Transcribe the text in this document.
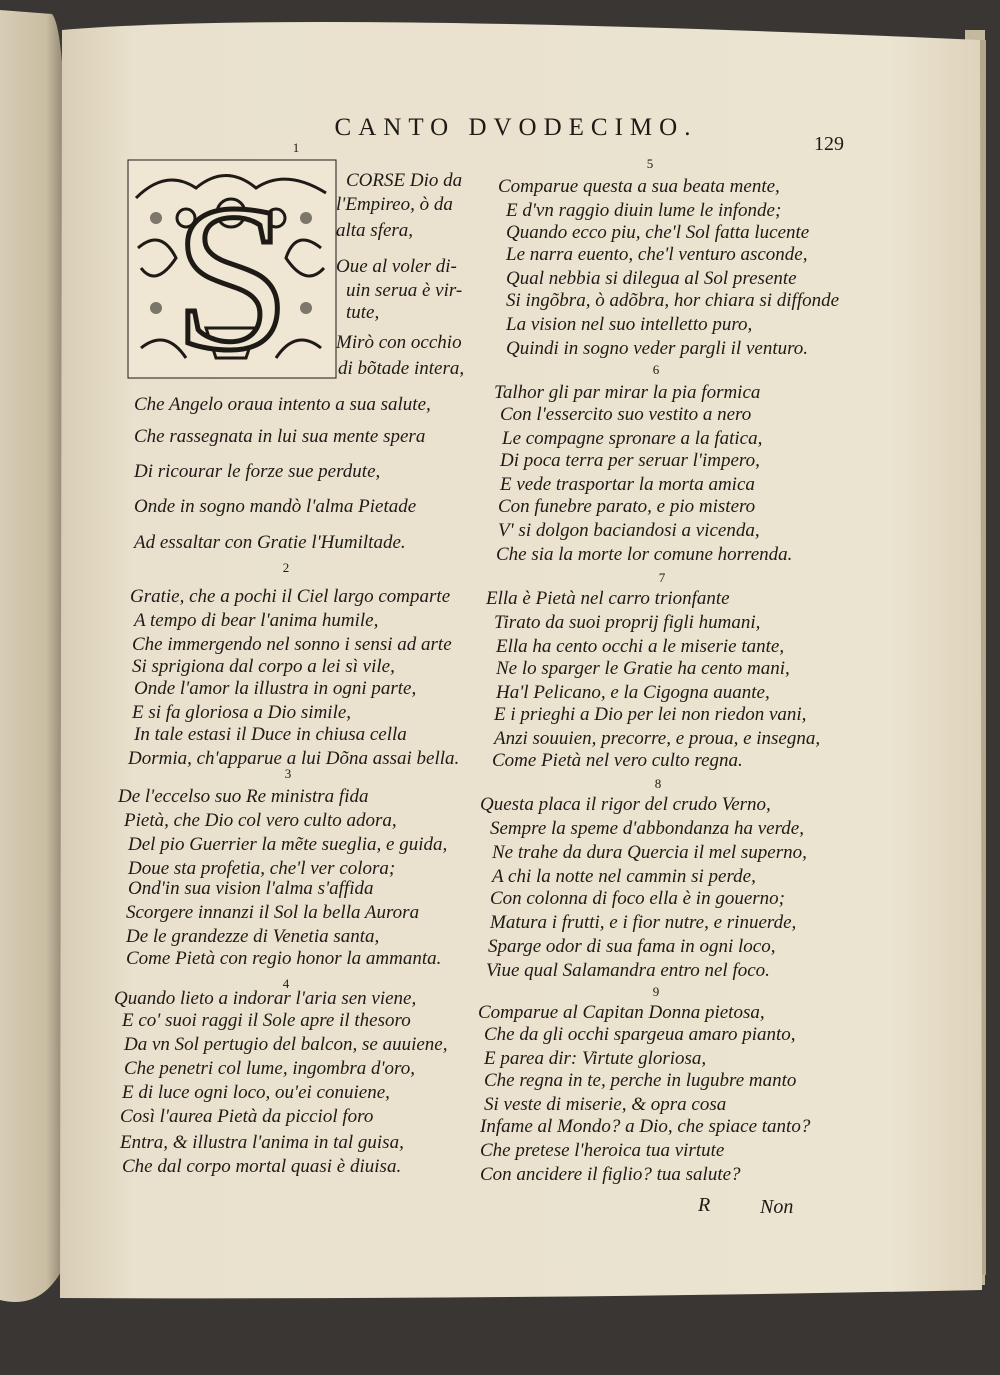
CANTO DVODECIMO.
129
S
1
CORSE Dio da
l'Empireo, ò da
alta sfera,
Oue al voler di-
uin serua è vir-
tute,
Mirò con occhio
di bõtade intera,
Che Angelo oraua intento a sua salute,
Che rassegnata in lui sua mente spera
Di ricourar le forze sue perdute,
Onde in sogno mandò l'alma Pietade
Ad essaltar con Gratie l'Humiltade.
2
Gratie, che a pochi il Ciel largo comparte
A tempo di bear l'anima humile,
Che immergendo nel sonno i sensi ad arte
Si sprigiona dal corpo a lei sì vile,
Onde l'amor la illustra in ogni parte,
E si fa gloriosa a Dio simile,
In tale estasi il Duce in chiusa cella
Dormia, ch'apparue a lui Dõna assai bella.
3
De l'eccelso suo Re ministra fida
Pietà, che Dio col vero culto adora,
Del pio Guerrier la mẽte sueglia, e guida,
Doue sta profetia, che'l ver colora;
Ond'in sua vision l'alma s'affida
Scorgere innanzi il Sol la bella Aurora
De le grandezze di Venetia santa,
Come Pietà con regio honor la ammanta.
4
Quando lieto a indorar l'aria sen viene,
E co' suoi raggi il Sole apre il thesoro
Da vn Sol pertugio del balcon, se auuiene,
Che penetri col lume, ingombra d'oro,
E di luce ogni loco, ou'ei conuiene,
Così l'aurea Pietà da picciol foro
Entra, & illustra l'anima in tal guisa,
Che dal corpo mortal quasi è diuisa.
5
Comparue questa a sua beata mente,
E d'vn raggio diuin lume le infonde;
Quando ecco piu, che'l Sol fatta lucente
Le narra euento, che'l venturo asconde,
Qual nebbia si dilegua al Sol presente
Si ingõbra, ò adõbra, hor chiara si diffonde
La vision nel suo intelletto puro,
Quindi in sogno veder pargli il venturo.
6
Talhor gli par mirar la pia formica
Con l'essercito suo vestito a nero
Le compagne spronare a la fatica,
Di poca terra per seruar l'impero,
E vede trasportar la morta amica
Con funebre parato, e pio mistero
V' si dolgon baciandosi a vicenda,
Che sia la morte lor comune horrenda.
7
Ella è Pietà nel carro trionfante
Tirato da suoi proprij figli humani,
Ella ha cento occhi a le miserie tante,
Ne lo sparger le Gratie ha cento mani,
Ha'l Pelicano, e la Cigogna auante,
E i prieghi a Dio per lei non riedon vani,
Anzi souuien, precorre, e proua, e insegna,
Come Pietà nel vero culto regna.
8
Questa placa il rigor del crudo Verno,
Sempre la speme d'abbondanza ha verde,
Ne trahe da dura Quercia il mel superno,
A chi la notte nel cammin si perde,
Con colonna di foco ella è in gouerno;
Matura i frutti, e i fior nutre, e rinuerde,
Sparge odor di sua fama in ogni loco,
Viue qual Salamandra entro nel foco.
9
Comparue al Capitan Donna pietosa,
Che da gli occhi spargeua amaro pianto,
E parea dir: Virtute gloriosa,
Che regna in te, perche in lugubre manto
Si veste di miserie, & opra cosa
Infame al Mondo? a Dio, che spiace tanto?
Che pretese l'heroica tua virtute
Con ancidere il figlio? tua salute?
R Non
